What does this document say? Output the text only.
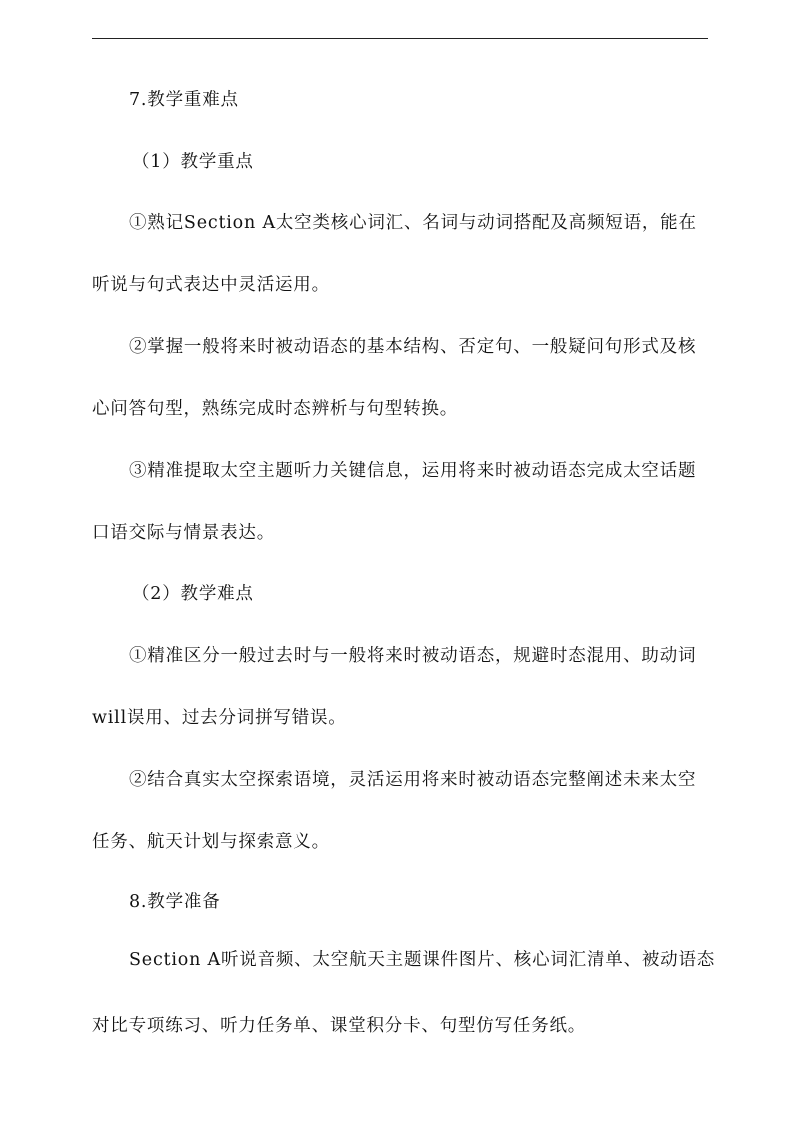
7.教学重难点
（1）教学重点
①熟记Section A太空类核心词汇、名词与动词搭配及高频短语，能在
听说与句式表达中灵活运用。
②掌握一般将来时被动语态的基本结构、否定句、一般疑问句形式及核
心问答句型，熟练完成时态辨析与句型转换。
③精准提取太空主题听力关键信息，运用将来时被动语态完成太空话题
口语交际与情景表达。
（2）教学难点
①精准区分一般过去时与一般将来时被动语态，规避时态混用、助动词
will误用、过去分词拼写错误。
②结合真实太空探索语境，灵活运用将来时被动语态完整阐述未来太空
任务、航天计划与探索意义。
8.教学准备
Section A听说音频、太空航天主题课件图片、核心词汇清单、被动语态
对比专项练习、听力任务单、课堂积分卡、句型仿写任务纸。
